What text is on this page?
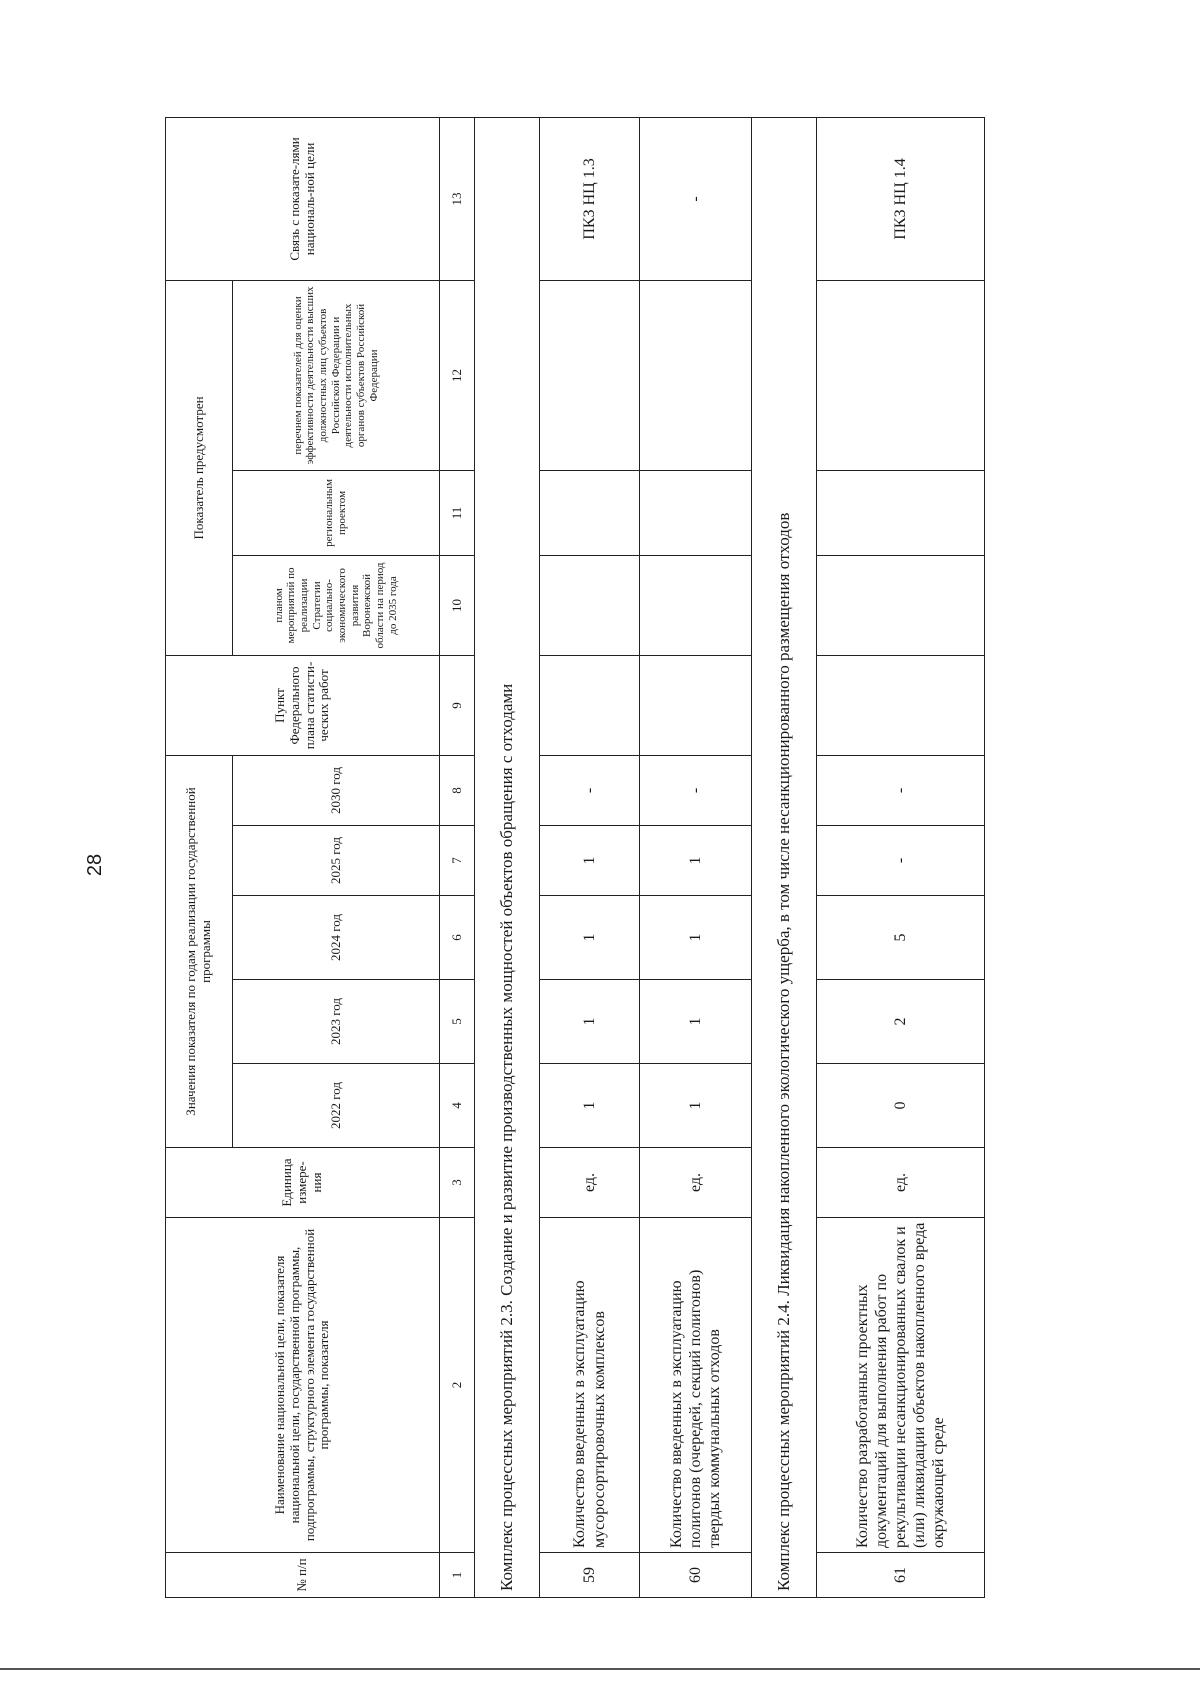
28
№ п/п	Наименование национальной цели, показателя национальной цели, государственной программы, подпрограммы, структурного элемента государственной программы, показателя	Единица измере-ния	Значения показателя по годам реализации государственной программы					Пункт Федерального плана статисти-ческих работ	Показатель предусмотрен			Связь с показате-лями националь-ной цели
			2022 год	2023 год	2024 год	2025 год	2030 год		планом мероприятий по реализации Стратегии социально-экономического развития Воронежской области на период до 2035 года	региональным проектом	перечнем показателей для оценки эффективности деятельности высших должностных лиц субъектов Российской Федерации и деятельности исполнительных органов субъектов Российской Федерации	
1	2	3	4	5	6	7	8	9	10	11	12	13
Комплекс процессных мероприятий 2.3. Создание и развитие производственных мощностей объектов обращения с отходами												
59	Количество введенных в эксплуатацию мусоросортировочных комплексов	ед.	1	1	1	1	-					ПКЗ НЦ 1.3
60	Количество введенных в эксплуатацию полигонов (очередей, секций полигонов) твердых коммунальных отходов	ед.	1	1	1	1	-					-
Комплекс процессных мероприятий 2.4. Ликвидация накопленного экологического ущерба, в том числе несанкционированного размещения отходов												
61	Количество разработанных проектных документаций для выполнения работ по рекультивации несанкционированных свалок и (или) ликвидации объектов накопленного вреда окружающей среде	ед.	0	2	5	-	-					ПКЗ НЦ 1.4
